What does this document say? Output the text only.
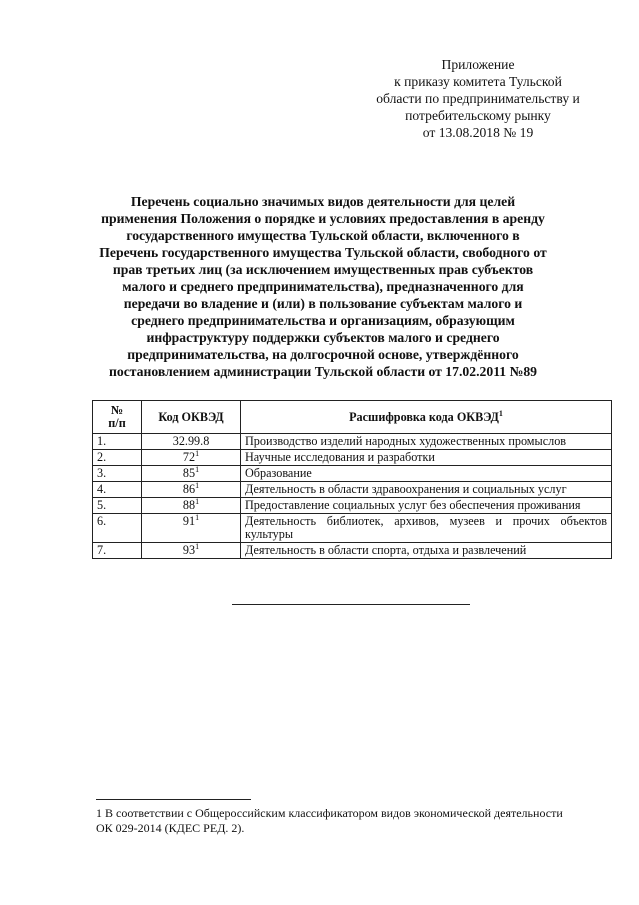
Приложение
к приказу комитета Тульской
области по предпринимательству и
потребительскому рынку
от 13.08.2018 № 19
Перечень социально значимых видов деятельности для целей
применения Положения о порядке и условиях предоставления в аренду
государственного имущества Тульской области, включенного в
Перечень государственного имущества Тульской области, свободного от
прав третьих лиц (за исключением имущественных прав субъектов
малого и среднего предпринимательства), предназначенного для
передачи во владение и (или) в пользование субъектам малого и
среднего предпринимательства и организациям, образующим
инфраструктуру поддержки субъектов малого и среднего
предпринимательства, на долгосрочной основе, утверждённого
постановлением администрации Тульской области от 17.02.2011 №89
№
п/п	Код ОКВЭД	Расшифровка кода ОКВЭД$^1$
1.	32.99.8	Производство изделий народных художественных промыслов
2.	$72^1$	Научные исследования и разработки
3.	$85^1$	Образование
4.	$86^1$	Деятельность в области здравоохранения и социальных услуг
5.	$88^1$	Предоставление социальных услуг без обеспечения проживания
6.	$91^1$	Деятельность библиотек, архивов, музеев и прочих объектов культуры
7.	$93^1$	Деятельность в области спорта, отдыха и развлечений
1 В соответствии с Общероссийским классификатором видов экономической деятельности
ОК 029-2014 (КДЕС РЕД. 2).
